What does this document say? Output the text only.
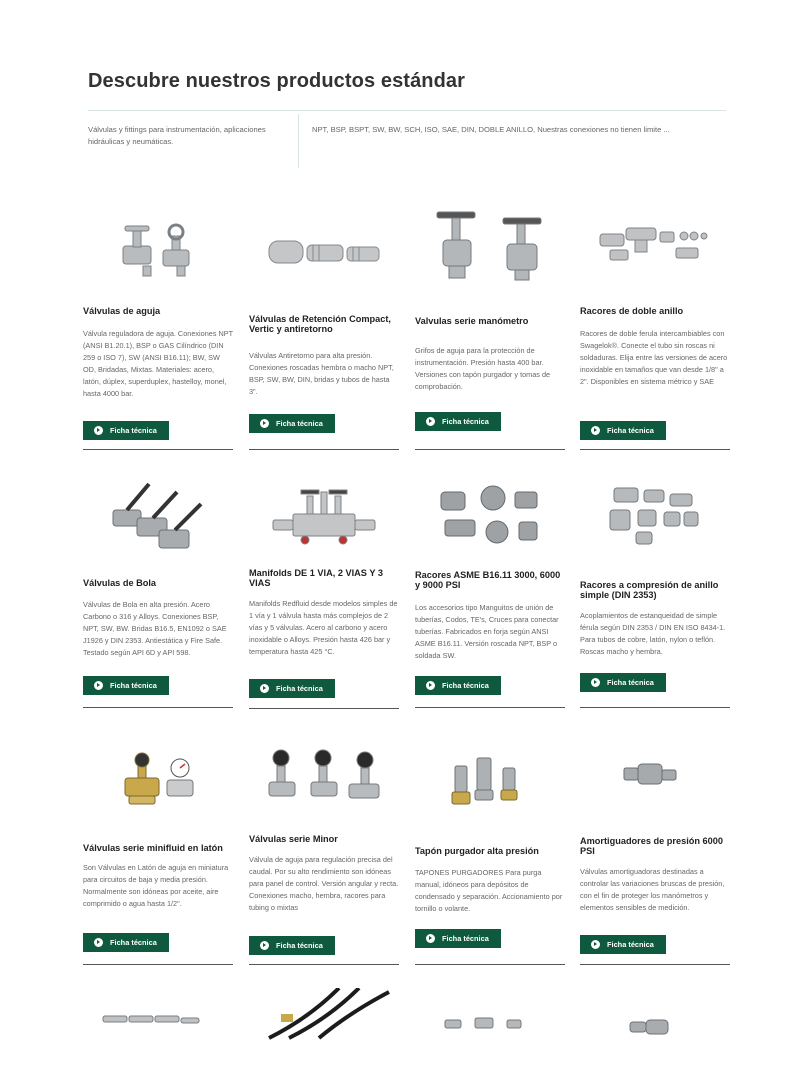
Descubre nuestros productos estándar
Válvulas y fittings para instrumentación, aplicaciones hidráulicas y neumáticas.
NPT, BSP, BSPT, SW, BW, SCH, ISO, SAE, DIN, DOBLE ANILLO, Nuestras conexiones no tienen limite ...
Válvulas de aguja

Válvula reguladora de aguja. Conexiones NPT (ANSI B1.20.1), BSP o GAS Cilíndrico (DIN 259 o ISO 7), SW (ANSI B16.11); BW, SW OD, Bridadas, Mixtas. Materiales: acero, latón, dúplex, superduplex, hastelloy, monel, hasta 4000 bar.

Ficha técnica
Válvulas de Retención Compact, Vertic y antiretorno

Válvulas Antiretorno para alta presión. Conexiones roscadas hembra o macho NPT, BSP, SW, BW, DIN, bridas y tubos de hasta 3".

Ficha técnica
Valvulas serie manómetro

Grifos de aguja para la protección de instrumentación. Presión hasta 400 bar. Versiones con tapón purgador y tomas de comprobación.

Ficha técnica
Racores de doble anillo

Racores de doble ferula intercambiables con Swagelok®. Conecte el tubo sin roscas ni soldaduras. Elija entre las versiones de acero inoxidable en tamaños que van desde 1/8" a 2". Disponibles en sistema métrico y SAE

Ficha técnica
Válvulas de Bola

Válvulas de Bola en alta presión. Acero Carbono o 316 y Alloys. Conexiones BSP, NPT, SW, BW. Bridas B16.5, EN1092 o SAE J1926 y DIN 2353. Antiestática y Fire Safe. Testado según API 6D y API 598.

Ficha técnica
Manifolds DE 1 VIA, 2 VIAS Y 3 VIAS

Manifolds Redfluid desde modelos simples de 1 vía y 1 válvula hasta más complejos de 2 vías y 5 válvulas. Acero al carbono y acero inoxidable o Alloys. Presión hasta 426 bar y temperatura hasta 425 °C.

Ficha técnica
Racores ASME B16.11 3000, 6000 y 9000 PSI

Los accesorios tipo Manguitos de unión de tuberías, Codos, TE's, Cruces para conectar tuberías. Fabricados en forja según ANSI ASME B16.11. Versión roscada NPT, BSP o soldada SW.

Ficha técnica
Racores a compresión de anillo simple (DIN 2353)

Acoplamientos de estanqueidad de simple férula según DIN 2353 / DIN EN ISO 8434-1. Para tubos de cobre, latón, nylon o teflón. Roscas macho y hembra.

Ficha técnica
Válvulas serie minifluid en latón

Son Válvulas en Latón de aguja en miniatura para circuitos de baja y media presión. Normalmente son idóneas por aceite, aire comprimido o agua hasta 1/2".

Ficha técnica
Válvulas serie Minor

Válvula de aguja para regulación precisa del caudal. Por su alto rendimiento son idóneas para panel de control. Versión angular y recta. Conexiones macho, hembra, racores para tubing o mixtas

Ficha técnica
Tapón purgador alta presión

TAPONES PURGADORES Para purga manual, idóneos para depósitos de condensado y separación. Accionamiento por tornillo o volante.

Ficha técnica
Amortiguadores de presión 6000 PSI

Válvulas amortiguadoras destinadas a controlar las variaciones bruscas de presión, con el fin de proteger los manómetros y elementos sensibles de medición.

Ficha técnica
